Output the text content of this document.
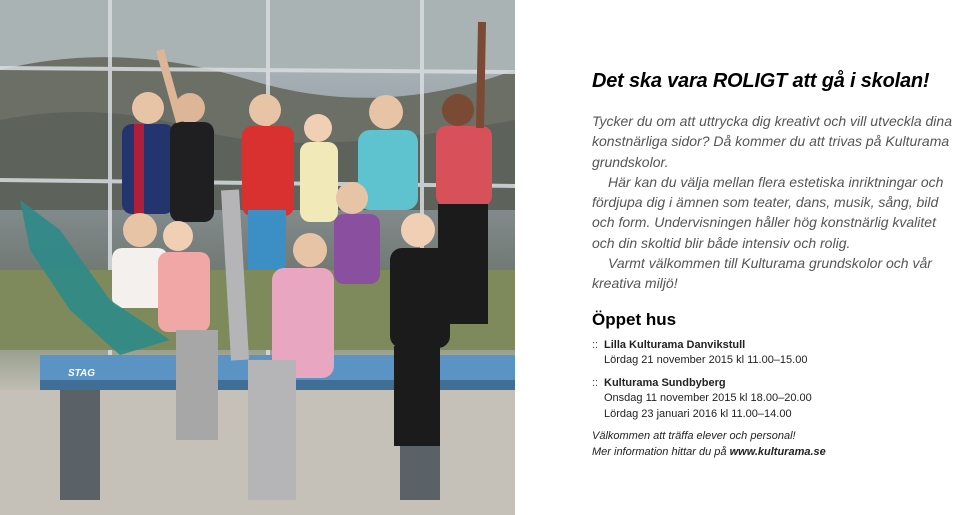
STAG
Det ska vara ROLIGT att gå i skolan!

Tycker du om att uttrycka dig kreativt och vill utveckla dina konstnärliga sidor? Då kommer du att trivas på Kulturama grundskolor.
Här kan du välja mellan flera estetiska inriktningar och fördjupa dig i ämnen som teater, dans, musik, sång, bild och form. Undervisningen håller hög konstnärlig kvalitet och din skoltid blir både intensiv och rolig.
Varmt välkommen till Kulturama grundskolor och vår kreativa miljö!

Öppet hus
:: Lilla Kulturama Danvikstull
Lördag 21 november 2015 kl 11.00–15.00
:: Kulturama Sundbyberg
Onsdag 11 november 2015 kl 18.00–20.00
Lördag 23 januari 2016 kl 11.00–14.00
Välkommen att träffa elever och personal!
Mer information hittar du på www.kulturama.se
